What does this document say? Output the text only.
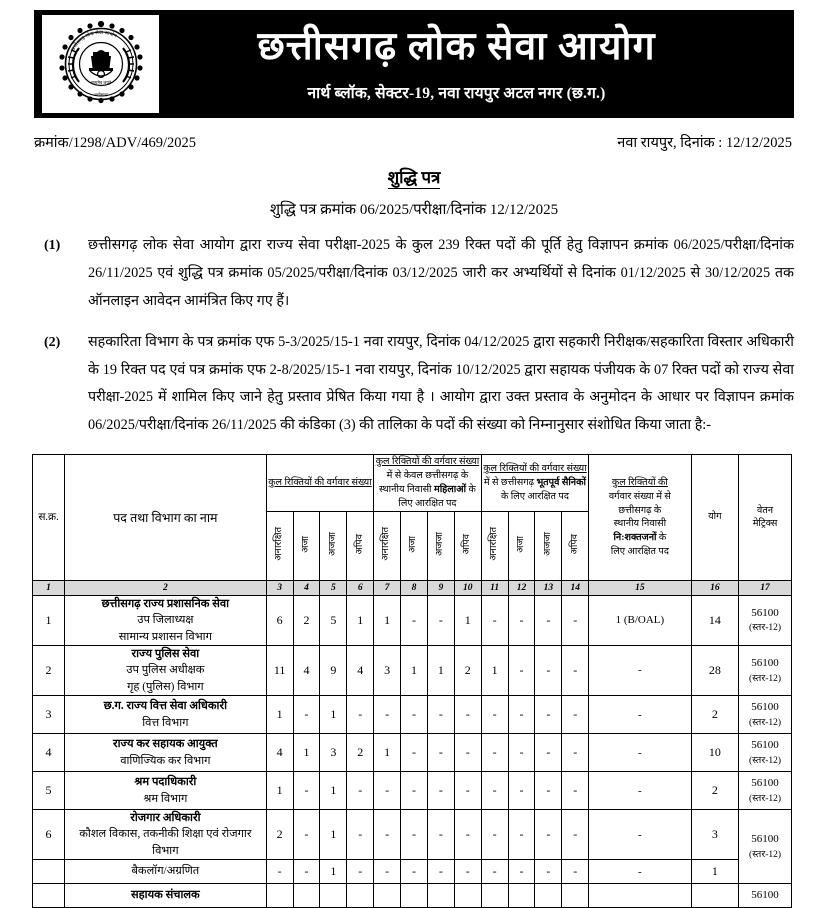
सत्यमेव जयते
छत्तीसगढ़
छत्तीसगढ़ लोक सेवा आयोग	छत्तीसगढ़ लोक सेवा आयोग
नार्थ ब्लॉक, सेक्टर-19, नवा रायपुर अटल नगर (छ.ग.)
क्रमांक/1298/ADV/469/2025	नवा रायपुर, दिनांक : 12/12/2025
शुद्धि पत्र
शुद्धि पत्र क्रमांक 06/2025/परीक्षा/दिनांक 12/12/2025
(1)	छत्तीसगढ़ लोक सेवा आयोग द्वारा राज्य सेवा परीक्षा-2025 के कुल 239 रिक्त पदों की पूर्ति हेतु विज्ञापन क्रमांक 06/2025/परीक्षा/दिनांक 26/11/2025 एवं शुद्धि पत्र क्रमांक 05/2025/परीक्षा/दिनांक 03/12/2025 जारी कर अभ्यर्थियों से दिनांक 01/12/2025 से 30/12/2025 तक ऑनलाइन आवेदन आमंत्रित किए गए हैं।
(2)	सहकारिता विभाग के पत्र क्रमांक एफ 5-3/2025/15-1 नवा रायपुर, दिनांक 04/12/2025 द्वारा सहकारी निरीक्षक/सहकारिता विस्तार अधिकारी के 19 रिक्त पद एवं पत्र क्रमांक एफ 2-8/2025/15-1 नवा रायपुर, दिनांक 10/12/2025 द्वारा सहायक पंजीयक के 07 रिक्त पदों को राज्य सेवा परीक्षा-2025 में शामिल किए जाने हेतु प्रस्ताव प्रेषित किया गया है । आयोग द्वारा उक्त प्रस्ताव के अनुमोदन के आधार पर विज्ञापन क्रमांक 06/2025/परीक्षा/दिनांक 26/11/2025 की कंडिका (3) की तालिका के पदों की संख्या को निम्नानुसार संशोधित किया जाता है:-
स.क्र.	पद तथा विभाग का नाम	कुल रिक्तियों की वर्गवार संख्या	कुल रिक्तियों की वर्गवार संख्या
में से केवल छत्तीसगढ़ के
स्थानीय निवासी महिलाओं के
लिए आरक्षित पद	कुल रिक्तियों की वर्गवार संख्या
में से छत्तीसगढ़ भूतपूर्व सैनिकों
के लिए आरक्षित पद	कुल रिक्तियों की
वर्गवार संख्या में से
छत्तीसगढ़ के
स्थानीय निवासी
नि:शक्तजनों के
लिए आरक्षित पद	योग	वेतन
मेट्रिक्स
		अनारक्षित	अजा	अजजा	अपिव	अनारक्षित	अजा	अजजा	अपिव	अनारक्षित	अजा	अजजा	अपिव			
1	2	3	4	5	6	7	8	9	10	11	12	13	14	15	16	17
1	छत्तीसगढ़ राज्य प्रशासनिक सेवा
उप जिलाध्यक्ष
सामान्य प्रशासन विभाग	6	2	5	1	1	-	-	1	-	-	-	-	1 (B/OAL)	14	56100
(स्तर-12)

2	राज्य पुलिस सेवा
उप पुलिस अधीक्षक
गृह (पुलिस) विभाग	11	4	9	4	3	1	1	2	1	-	-	-	-	28	56100
(स्तर-12)

3	छ.ग. राज्य वित्त सेवा अधिकारी
वित्त विभाग	1	-	1	-	-	-	-	-	-	-	-	-	-	2	56100
(स्तर-12)

4	राज्य कर सहायक आयुक्त
वाणिज्यिक कर विभाग	4	1	3	2	1	-	-	-	-	-	-	-	-	10	56100
(स्तर-12)

5	श्रम पदाधिकारी
श्रम विभाग	1	-	1	-	-	-	-	-	-	-	-	-	-	2	56100
(स्तर-12)

6	रोजगार अधिकारी
कौशल विकास, तकनीकी शिक्षा एवं रोजगार
विभाग	2	-	1	-	-	-	-	-	-	-	-	-	-	3	56100
(स्तर-12)

	बैकलॉग/अग्रणित	-	-	1	-	-	-	-	-	-	-	-	-	-	1	

	सहायक संचालक															56100
